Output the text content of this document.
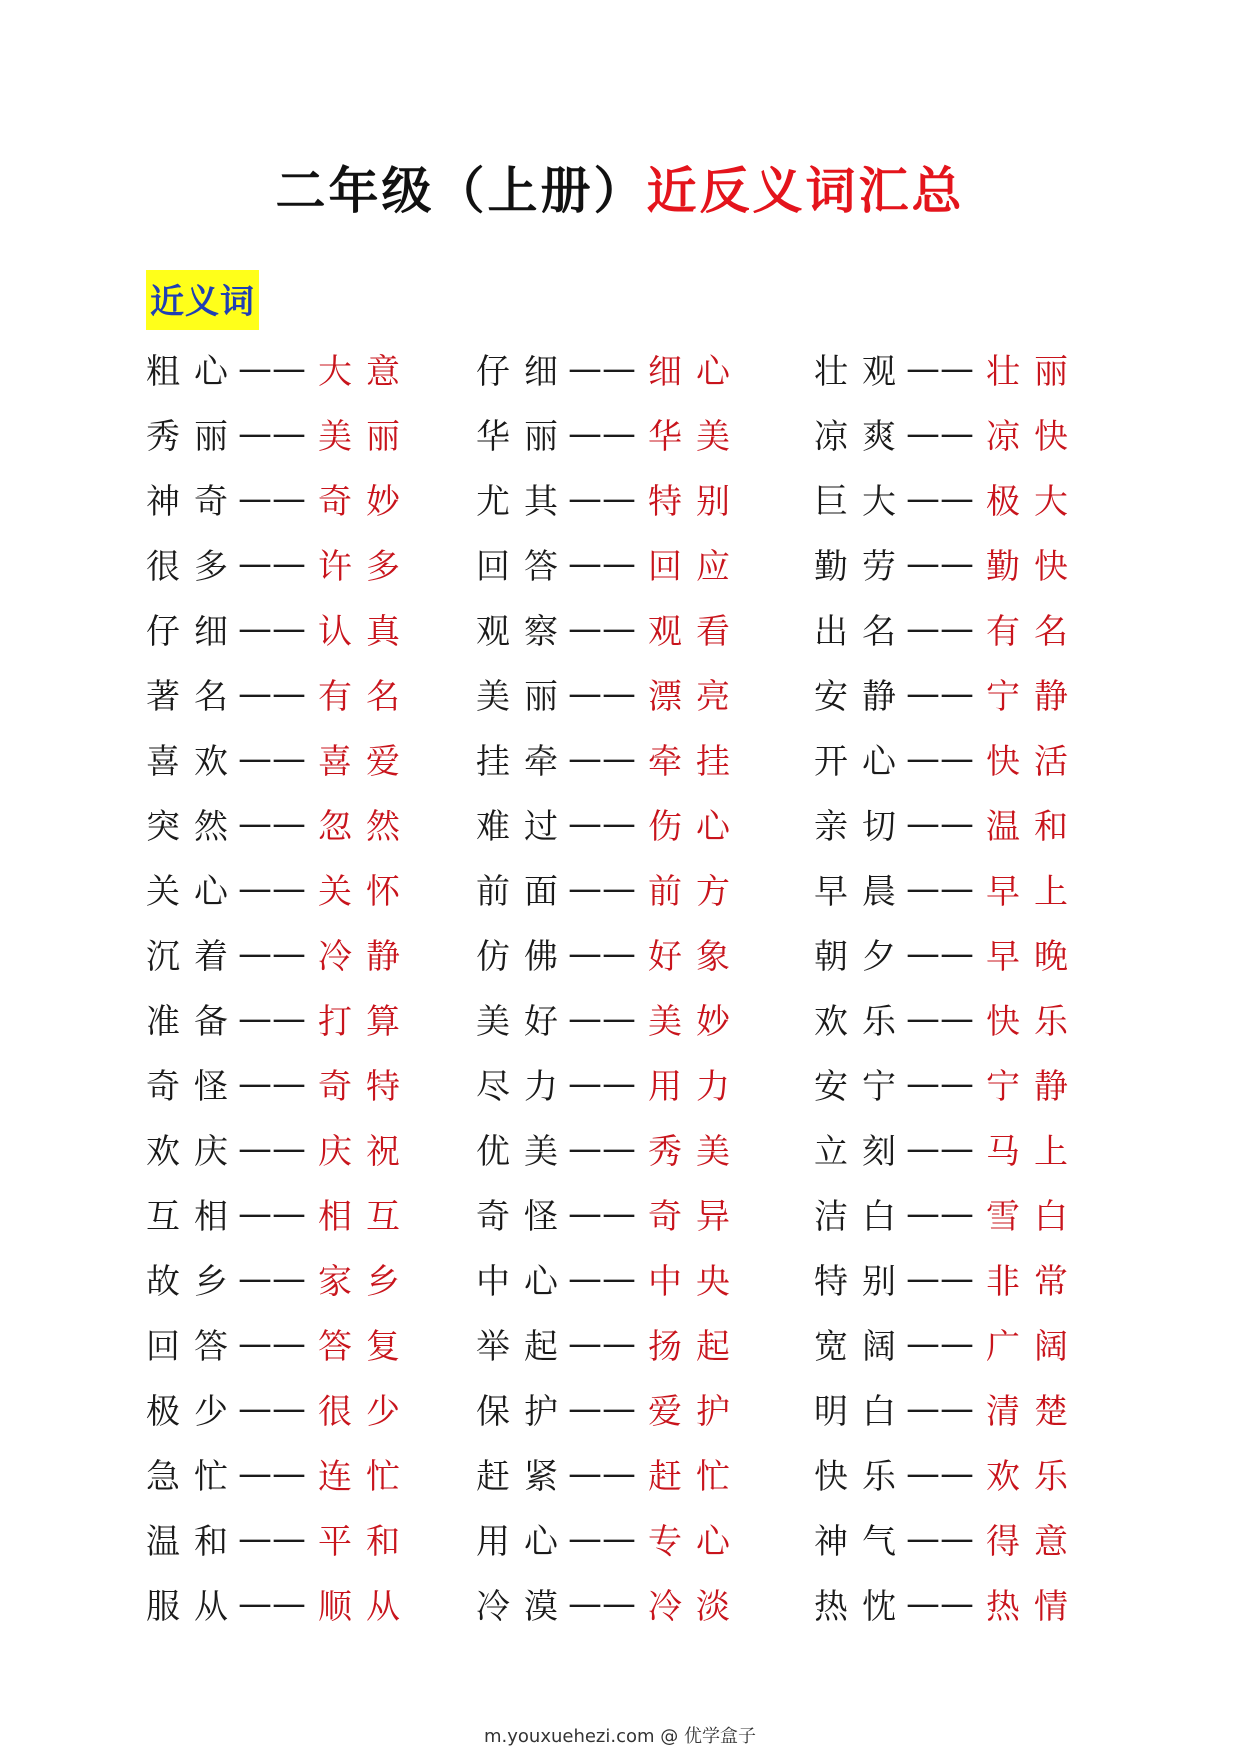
二年级（上册）近反义词汇总
近义词
粗心
—— 大意 仔细
—— 细心 壮观
—— 壮丽
秀丽
—— 美丽 华丽
—— 华美 凉爽
—— 凉快
神奇
—— 奇妙 尤其
—— 特别 巨大
—— 极大
很多
—— 许多 回答
—— 回应 勤劳
—— 勤快
仔细
—— 认真 观察
—— 观看 出名
—— 有名
著名
—— 有名 美丽
—— 漂亮 安静
—— 宁静
喜欢
—— 喜爱 挂牵
—— 牵挂 开心
—— 快活
突然
—— 忽然 难过
—— 伤心 亲切
—— 温和
关心
—— 关怀 前面
—— 前方 早晨
—— 早上
沉着
—— 冷静 仿佛
—— 好象 朝夕
—— 早晚
准备
—— 打算 美好
—— 美妙 欢乐
—— 快乐
奇怪
—— 奇特 尽力
—— 用力 安宁
—— 宁静
欢庆
—— 庆祝 优美
—— 秀美 立刻
—— 马上
互相
—— 相互 奇怪
—— 奇异 洁白
—— 雪白
故乡
—— 家乡 中心
—— 中央 特别
—— 非常
回答
—— 答复 举起
—— 扬起 宽阔
—— 广阔
极少
—— 很少 保护
—— 爱护 明白
—— 清楚
急忙
—— 连忙 赶紧
—— 赶忙 快乐
—— 欢乐
温和
—— 平和 用心
—— 专心 神气
—— 得意
服从
—— 顺从 冷漠
—— 冷淡 热忱
—— 热情
m.youxuehezi.com @ 优学盒子
